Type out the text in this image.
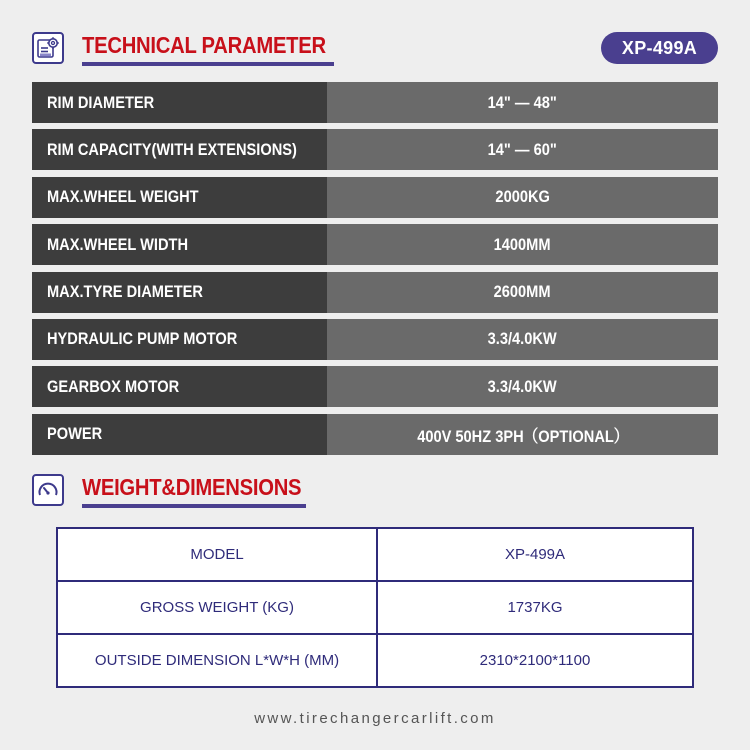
TECHNICAL PARAMETER	XP-499A
RIM DIAMETER	14" — 48"
RIM CAPACITY(WITH EXTENSIONS)	14" — 60"
MAX.WHEEL WEIGHT	2000KG
MAX.WHEEL WIDTH	1400MM
MAX.TYRE DIAMETER	2600MM
HYDRAULIC PUMP MOTOR	3.3/4.0KW
GEARBOX MOTOR	3.3/4.0KW
POWER	400V 50HZ 3PH（OPTIONAL）
WEIGHT&DIMENSIONS
MODEL	XP-499A
GROSS WEIGHT (KG)	1737KG
OUTSIDE DIMENSION L*W*H (MM)	2310*2100*1100
www.tirechangercarlift.com
